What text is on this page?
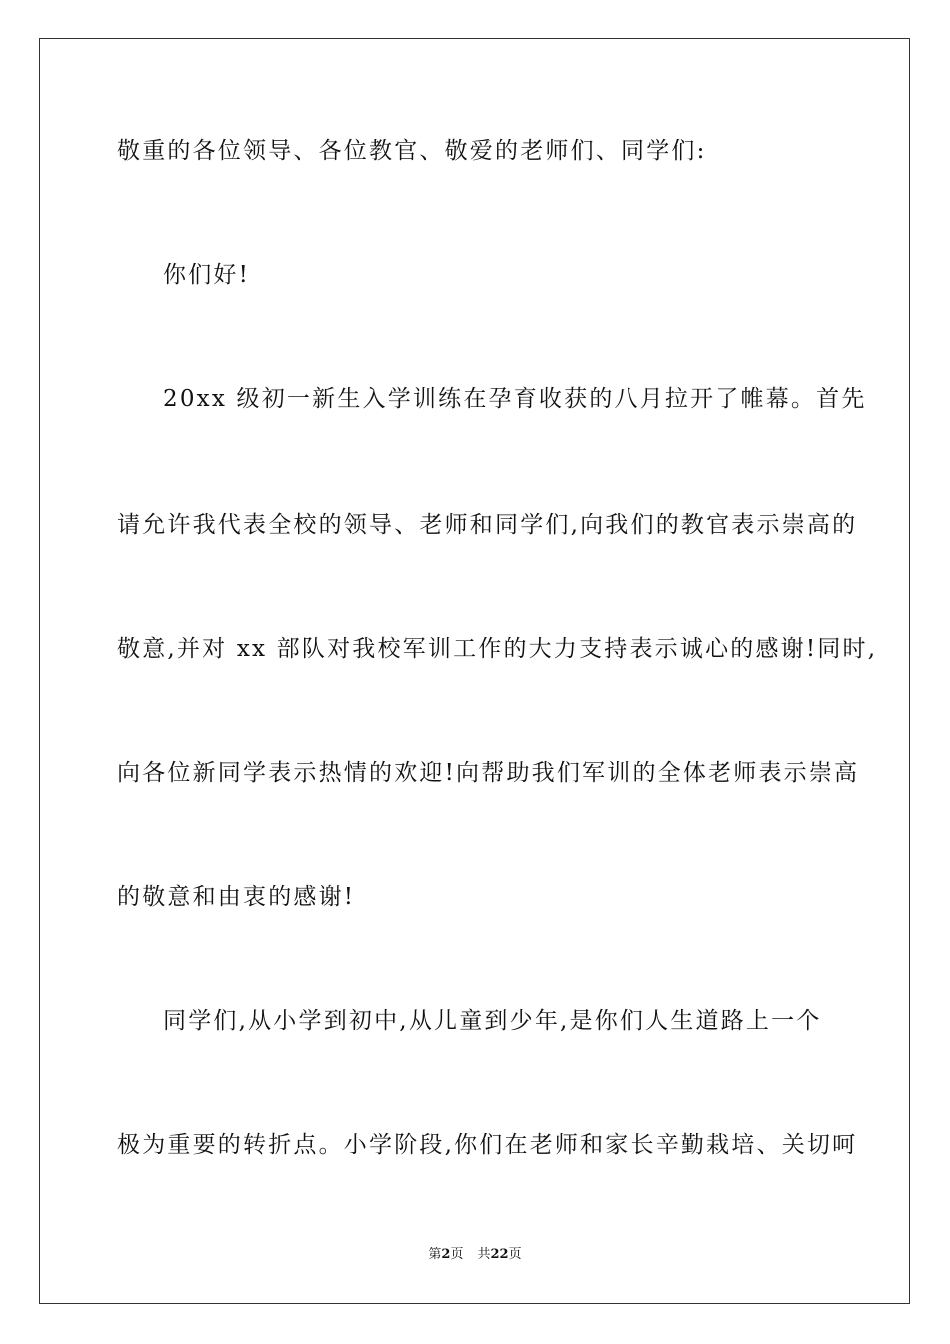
敬重的各位领导、各位教官、敬爱的老师们、同学们:
你们好!
20xx 级初一新生入学训练在孕育收获的八月拉开了帷幕。首先
请允许我代表全校的领导、老师和同学们,向我们的教官表示崇高的
敬意,并对 xx 部队对我校军训工作的大力支持表示诚心的感谢!同时,
向各位新同学表示热情的欢迎!向帮助我们军训的全体老师表示崇高
的敬意和由衷的感谢!
同学们,从小学到初中,从儿童到少年,是你们人生道路上一个
极为重要的转折点。小学阶段,你们在老师和家长辛勤栽培、关切呵
第2页 共22页
